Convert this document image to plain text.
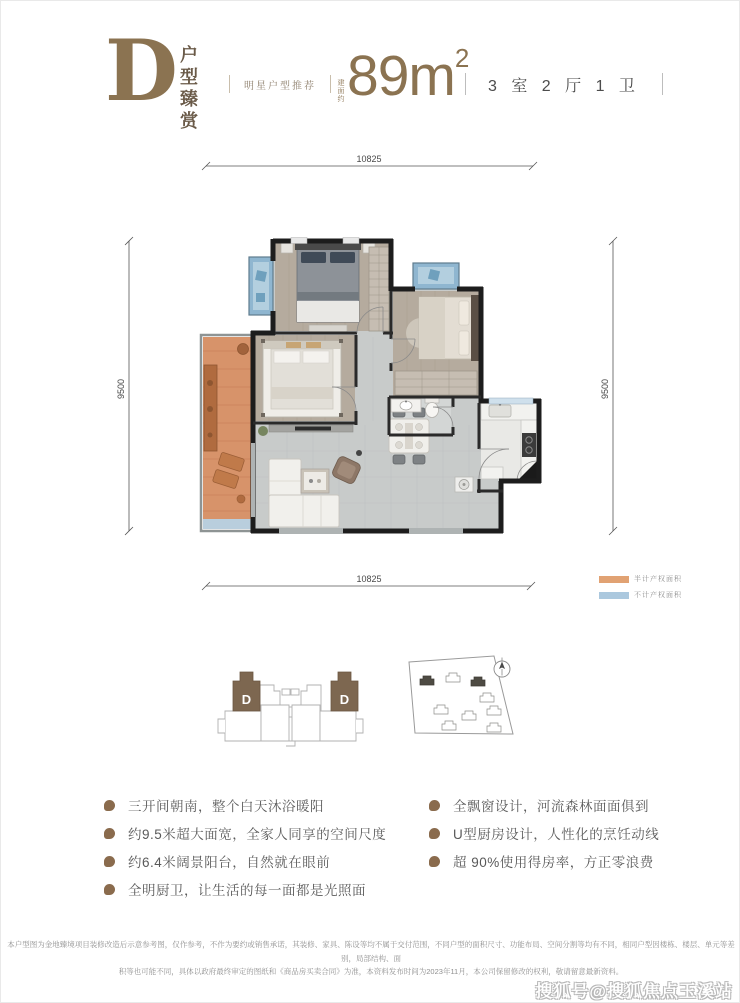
D 户型臻赏	明星户型推荐	建面约 89m 2
3 室 2 厅 1 卫
10825
10825
9500	9500
半计产权面积
不计产权面积
D	D
三开间朝南，整个白天沐浴暖阳
约9.5米超大面宽，全家人同享的空间尺度
约6.4米阔景阳台，自然就在眼前
全明厨卫，让生活的每一面都是光照面
全飘窗设计，河流森林面面俱到
U型厨房设计，人性化的烹饪动线
超 90%使用得房率，方正零浪费
本户型图为金地臻境项目装修改造后示意参考图，仅作参考，不作为要约或销售承诺，其装修、家具、陈设等均不属于交付范围，不同户型的面积尺寸、功能布局、空间分割等均有不同，相同户型因楼栋、楼层、单元等差别，局部结构、面
积等也可能不同，具体以政府最终审定的图纸和《商品房买卖合同》为准，本资料发布时间为2023年11月，本公司保留修改的权利，敬请留意最新资料。
搜狐号@搜狐焦点玉溪站
